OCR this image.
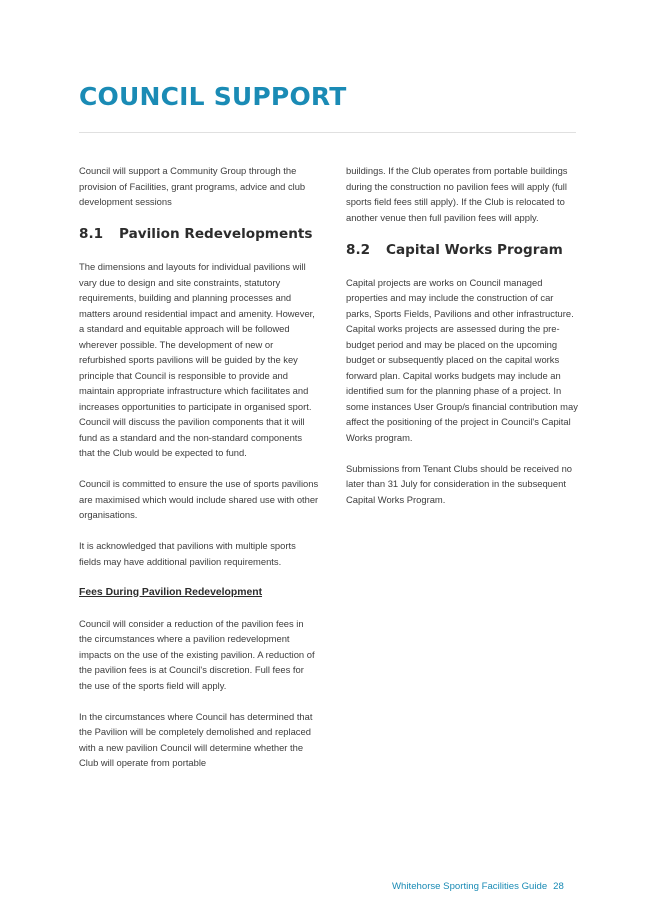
COUNCIL SUPPORT

Council will support a Community Group through the provision of Facilities, grant programs, advice and club development sessions

8.1 Pavilion Redevelopments

The dimensions and layouts for individual pavilions will vary due to design and site constraints, statutory requirements, building and planning processes and matters around residential impact and amenity. However, a standard and equitable approach will be followed wherever possible. The development of new or refurbished sports pavilions will be guided by the key principle that Council is responsible to provide and maintain appropriate infrastructure which facilitates and increases opportunities to participate in organised sport. Council will discuss the pavilion components that it will fund as a standard and the non-standard components that the Club would be expected to fund.

Council is committed to ensure the use of sports pavilions are maximised which would include shared use with other organisations.

It is acknowledged that pavilions with multiple sports fields may have additional pavilion requirements.

Fees During Pavilion Redevelopment

Council will consider a reduction of the pavilion fees in the circumstances where a pavilion redevelopment impacts on the use of the existing pavilion. A reduction of the pavilion fees is at Council's discretion. Full fees for the use of the sports field will apply.

In the circumstances where Council has determined that the Pavilion will be completely demolished and replaced with a new pavilion Council will determine whether the Club will operate from portable

buildings. If the Club operates from portable buildings during the construction no pavilion fees will apply (full sports field fees still apply). If the Club is relocated to another venue then full pavilion fees will apply.

8.2 Capital Works Program

Capital projects are works on Council managed properties and may include the construction of car parks, Sports Fields, Pavilions and other infrastructure. Capital works projects are assessed during the pre-budget period and may be placed on the upcoming budget or subsequently placed on the capital works forward plan. Capital works budgets may include an identified sum for the planning phase of a project. In some instances User Group/s financial contribution may affect the positioning of the project in Council's Capital Works program.

Submissions from Tenant Clubs should be received no later than 31 July for consideration in the subsequent Capital Works Program.

Whitehorse Sporting Facilities Guide 28
